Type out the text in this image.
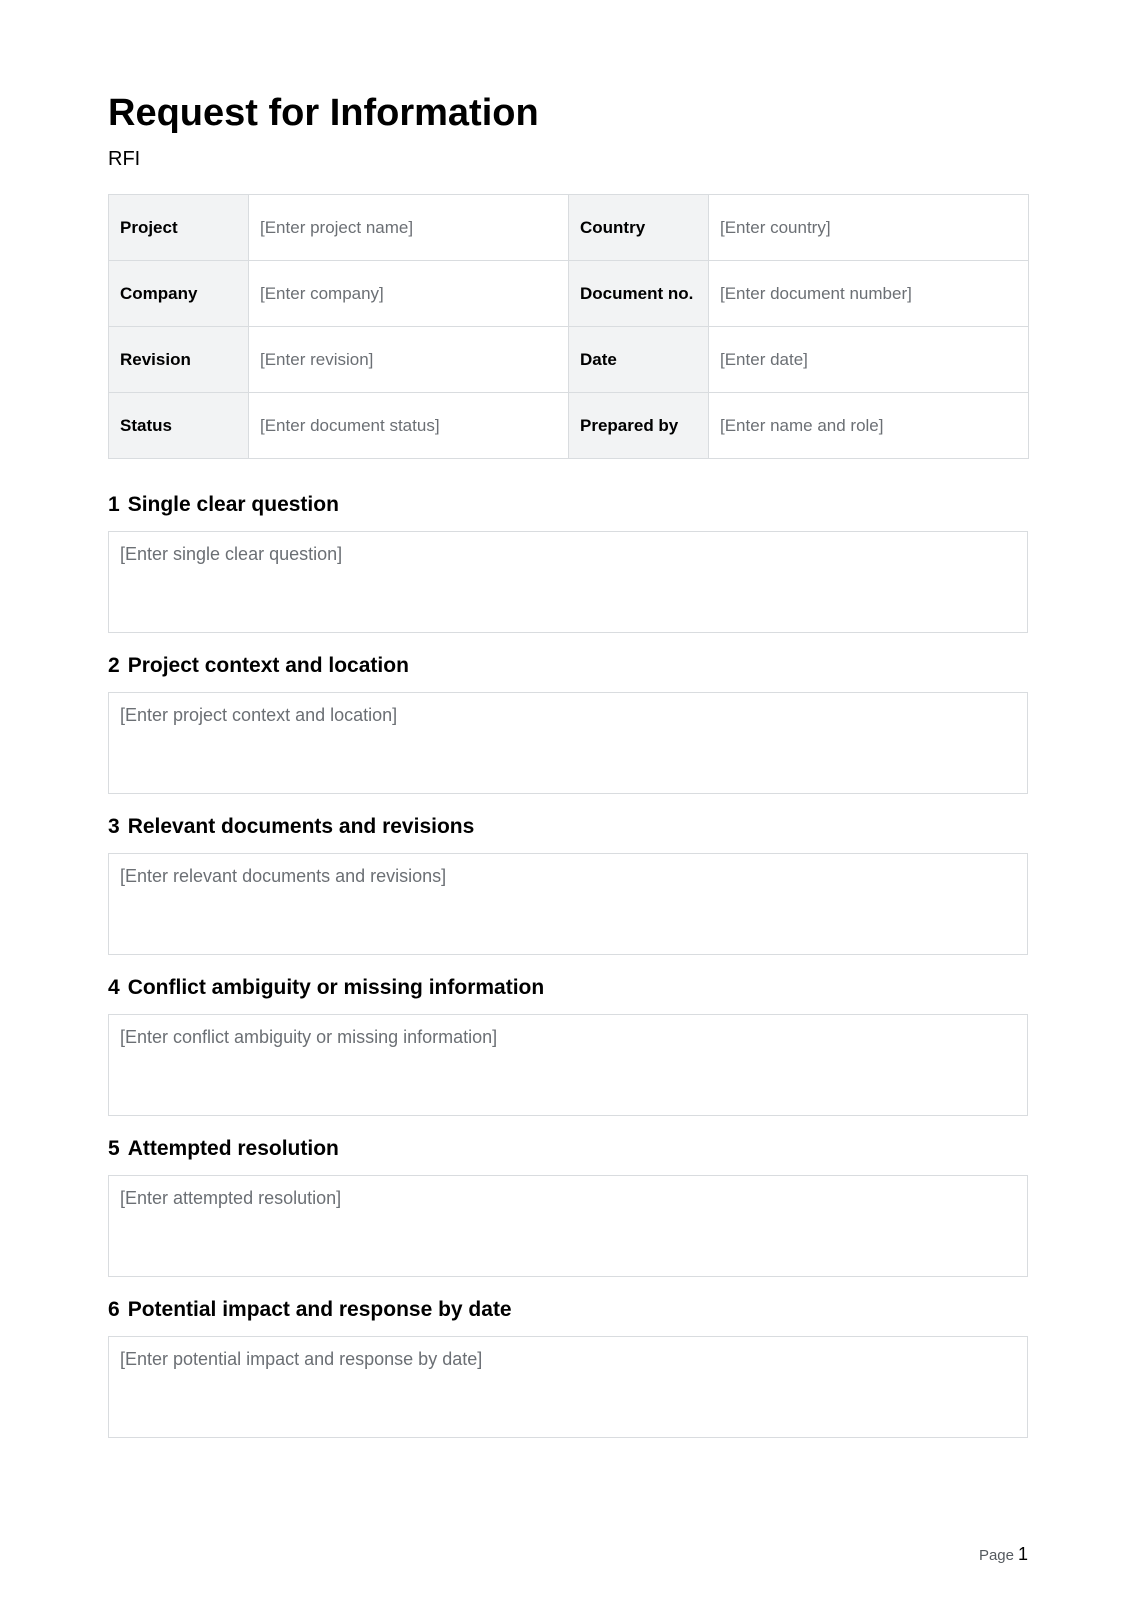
Request for Information
RFI
Project	[Enter project name]	Country	[Enter country]
Company	[Enter company]	Document no.	[Enter document number]
Revision	[Enter revision]	Date	[Enter date]
Status	[Enter document status]	Prepared by	[Enter name and role]
1 Single clear question
[Enter single clear question]
2 Project context and location
[Enter project context and location]
3 Relevant documents and revisions
[Enter relevant documents and revisions]
4 Conflict ambiguity or missing information
[Enter conflict ambiguity or missing information]
5 Attempted resolution
[Enter attempted resolution]
6 Potential impact and response by date
[Enter potential impact and response by date]
Page 1
